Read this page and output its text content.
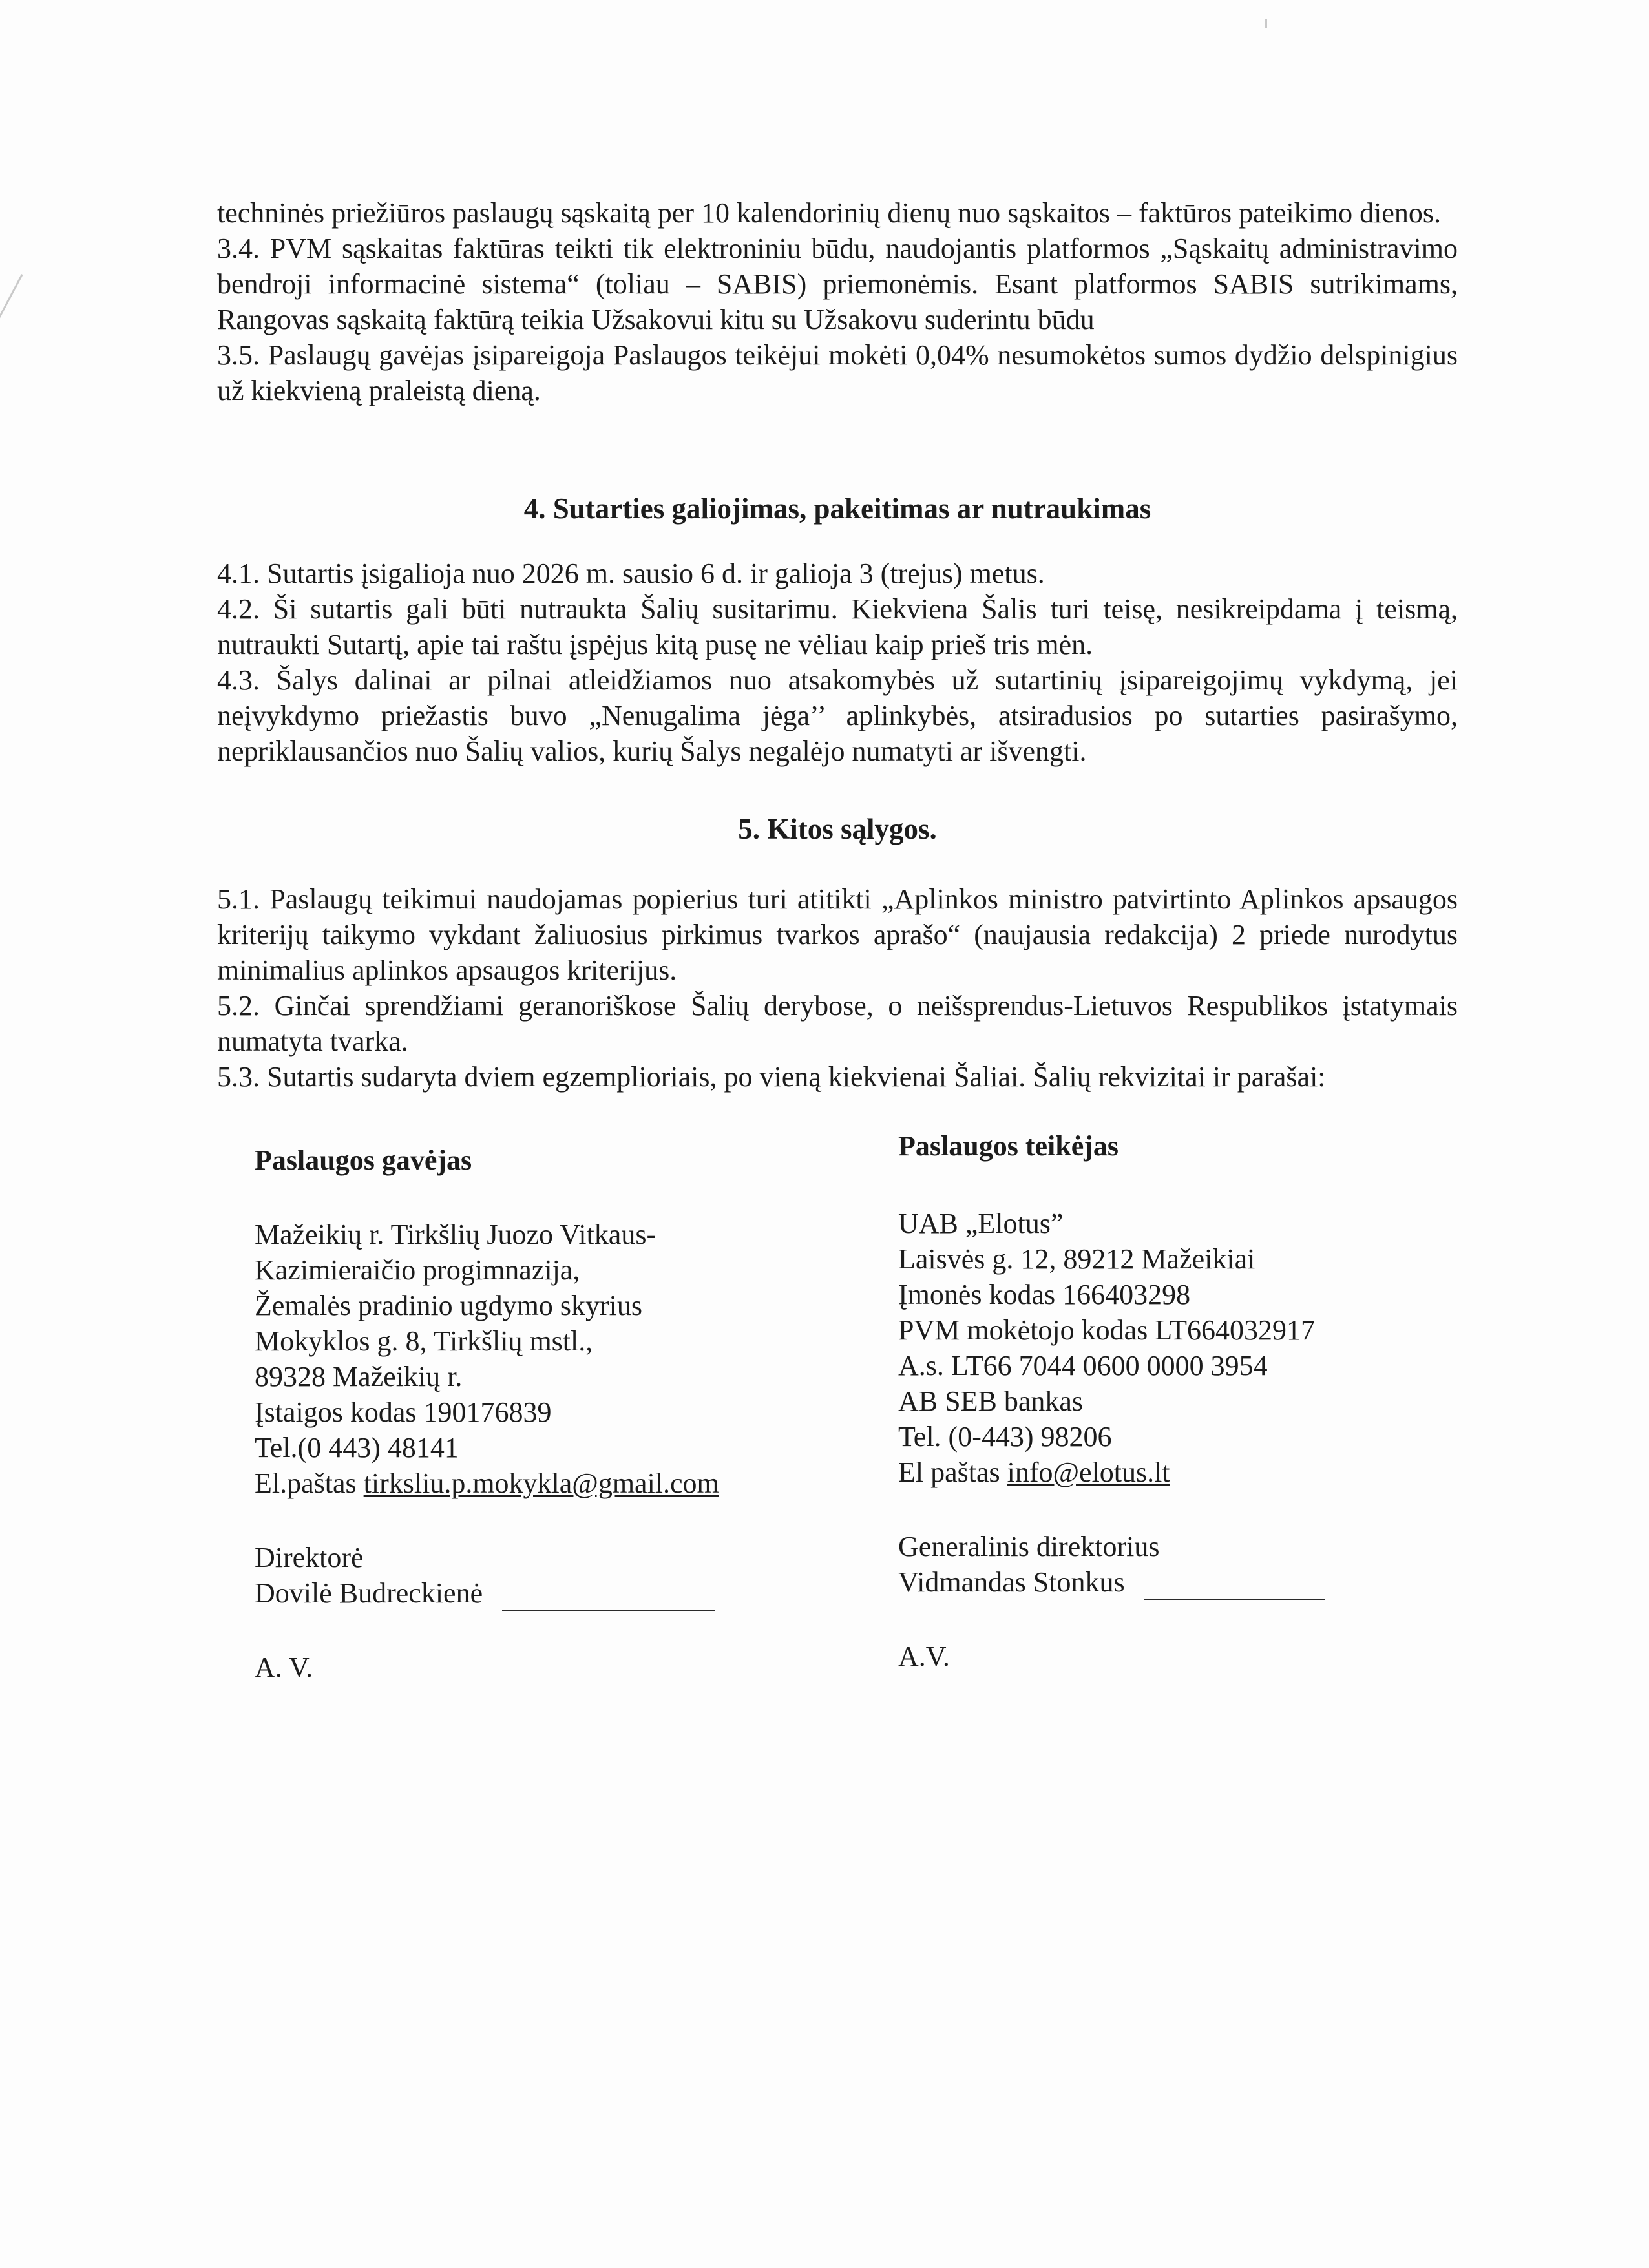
techninės priežiūros paslaugų sąskaitą per 10 kalendorinių dienų nuo sąskaitos – faktūros pateikimo dienos.

3.4. PVM sąskaitas faktūras teikti tik elektroniniu būdu, naudojantis platformos „Sąskaitų administravimo bendroji informacinė sistema“ (toliau – SABIS) priemonėmis. Esant platformos SABIS sutrikimams, Rangovas sąskaitą faktūrą teikia Užsakovui kitu su Užsakovu suderintu būdu

3.5. Paslaugų gavėjas įsipareigoja Paslaugos teikėjui mokėti 0,04% nesumokėtos sumos dydžio delspinigius už kiekvieną praleistą dieną.

4. Sutarties galiojimas, pakeitimas ar nutraukimas

4.1. Sutartis įsigalioja nuo 2026 m. sausio 6 d. ir galioja 3 (trejus) metus.

4.2. Ši sutartis gali būti nutraukta Šalių susitarimu. Kiekviena Šalis turi teisę, nesikreipdama į teismą, nutraukti Sutartį, apie tai raštu įspėjus kitą pusę ne vėliau kaip prieš tris mėn.

4.3. Šalys dalinai ar pilnai atleidžiamos nuo atsakomybės už sutartinių įsipareigojimų vykdymą, jei neįvykdymo priežastis buvo „Nenugalima jėga’’ aplinkybės, atsiradusios po sutarties pasirašymo, nepriklausančios nuo Šalių valios, kurių Šalys negalėjo numatyti ar išvengti.

5. Kitos sąlygos.

5.1. Paslaugų teikimui naudojamas popierius turi atitikti „Aplinkos ministro patvirtinto Aplinkos apsaugos kriterijų taikymo vykdant žaliuosius pirkimus tvarkos aprašo“ (naujausia redakcija) 2 priede nurodytus minimalius aplinkos apsaugos kriterijus.

5.2. Ginčai sprendžiami geranoriškose Šalių derybose, o neišsprendus-Lietuvos Respublikos įstatymais numatyta tvarka.

5.3. Sutartis sudaryta dviem egzemplioriais, po vieną kiekvienai Šaliai. Šalių rekvizitai ir parašai:

Paslaugos gavėjas

Mažeikių r. Tirkšlių Juozo Vitkaus-

Kazimieraičio progimnazija,

Žemalės pradinio ugdymo skyrius

Mokyklos g. 8, Tirkšlių mstl.,

89328 Mažeikių r.

Įstaigos kodas 190176839

Tel.(0 443) 48141

El.paštas tirksliu.p.mokykla@gmail.com

Direktorė

Dovilė Budreckienė

A. V.

Paslaugos teikėjas

UAB „Elotus”

Laisvės g. 12, 89212 Mažeikiai

Įmonės kodas 166403298

PVM mokėtojo kodas LT664032917

A.s. LT66 7044 0600 0000 3954

AB SEB bankas

Tel. (0-443) 98206

El paštas info@elotus.lt

Generalinis direktorius

Vidmandas Stonkus

A.V.
